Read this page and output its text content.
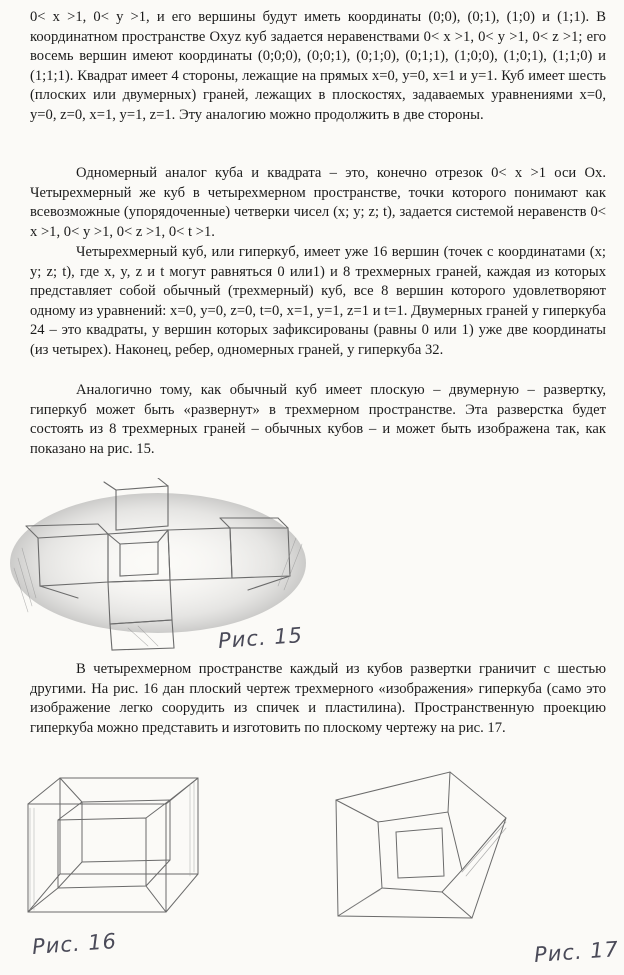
0< x >1, 0< y >1, и его вершины будут иметь координаты (0;0), (0;1), (1;0) и (1;1). В координатном пространстве Oxyz куб задается неравенствами 0< x >1, 0< y >1, 0< z >1; его восемь вершин имеют координаты (0;0;0), (0;0;1), (0;1;0), (0;1;1), (1;0;0), (1;0;1), (1;1;0) и (1;1;1). Квадрат имеет 4 стороны, лежащие на прямых x=0, y=0, x=1 и y=1. Куб имеет шесть (плоских или двумерных) граней, лежащих в плоскостях, задаваемых уравнениями x=0, y=0, z=0, x=1, y=1, z=1. Эту аналогию можно продолжить в две стороны.

Одномерный аналог куба и квадрата – это, конечно отрезок 0< x >1 оси Ox. Четырехмерный же куб в четырехмерном пространстве, точки которого понимают как всевозможные (упорядоченные) четверки чисел (x; y; z; t), задается системой неравенств 0< x >1, 0< y >1, 0< z >1, 0< t >1.

Четырехмерный куб, или гиперкуб, имеет уже 16 вершин (точек с координатами (x; y; z; t), где x, y, z и t могут равняться 0 или1) и 8 трехмерных граней, каждая из которых представляет собой обычный (трехмерный) куб, все 8 вершин которого удовлетворяют одному из уравнений: x=0, y=0, z=0, t=0, x=1, y=1, z=1 и t=1. Двумерных граней у гиперкуба 24 – это квадраты, у вершин которых зафиксированы (равны 0 или 1) уже две координаты (из четырех). Наконец, ребер, одномерных граней, у гиперкуба 32.

Аналогично тому, как обычный куб имеет плоскую – двумерную – развертку, гиперкуб может быть «развернут» в трехмерном пространстве. Эта разверстка будет состоять из 8 трехмерных граней – обычных кубов – и может быть изображена так, как показано на рис. 15.

Рис. 15

В четырехмерном пространстве каждый из кубов развертки граничит с шестью другими. На рис. 16 дан плоский чертеж трехмерного «изображения» гиперкуба (само это изображение легко соорудить из спичек и пластилина). Пространственную проекцию гиперкуба можно представить и изготовить по плоскому чертежу на рис. 17.

Рис. 16	Рис. 17
